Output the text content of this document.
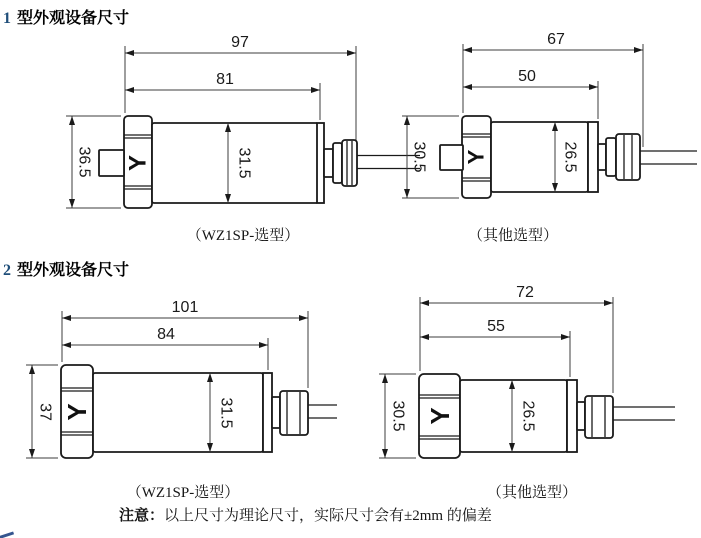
1 型外观设备尺寸
97
81
36.5	31.5
Y
67
50
30.5	26.5
Y
（WZ1SP-选型）	（其他选型）
2 型外观设备尺寸
101
84
37	31.5
Y
72
55
30.5	26.5
Y
（WZ1SP-选型）	（其他选型）
注意：以上尺寸为理论尺寸，实际尺寸会有±2mm 的偏差
